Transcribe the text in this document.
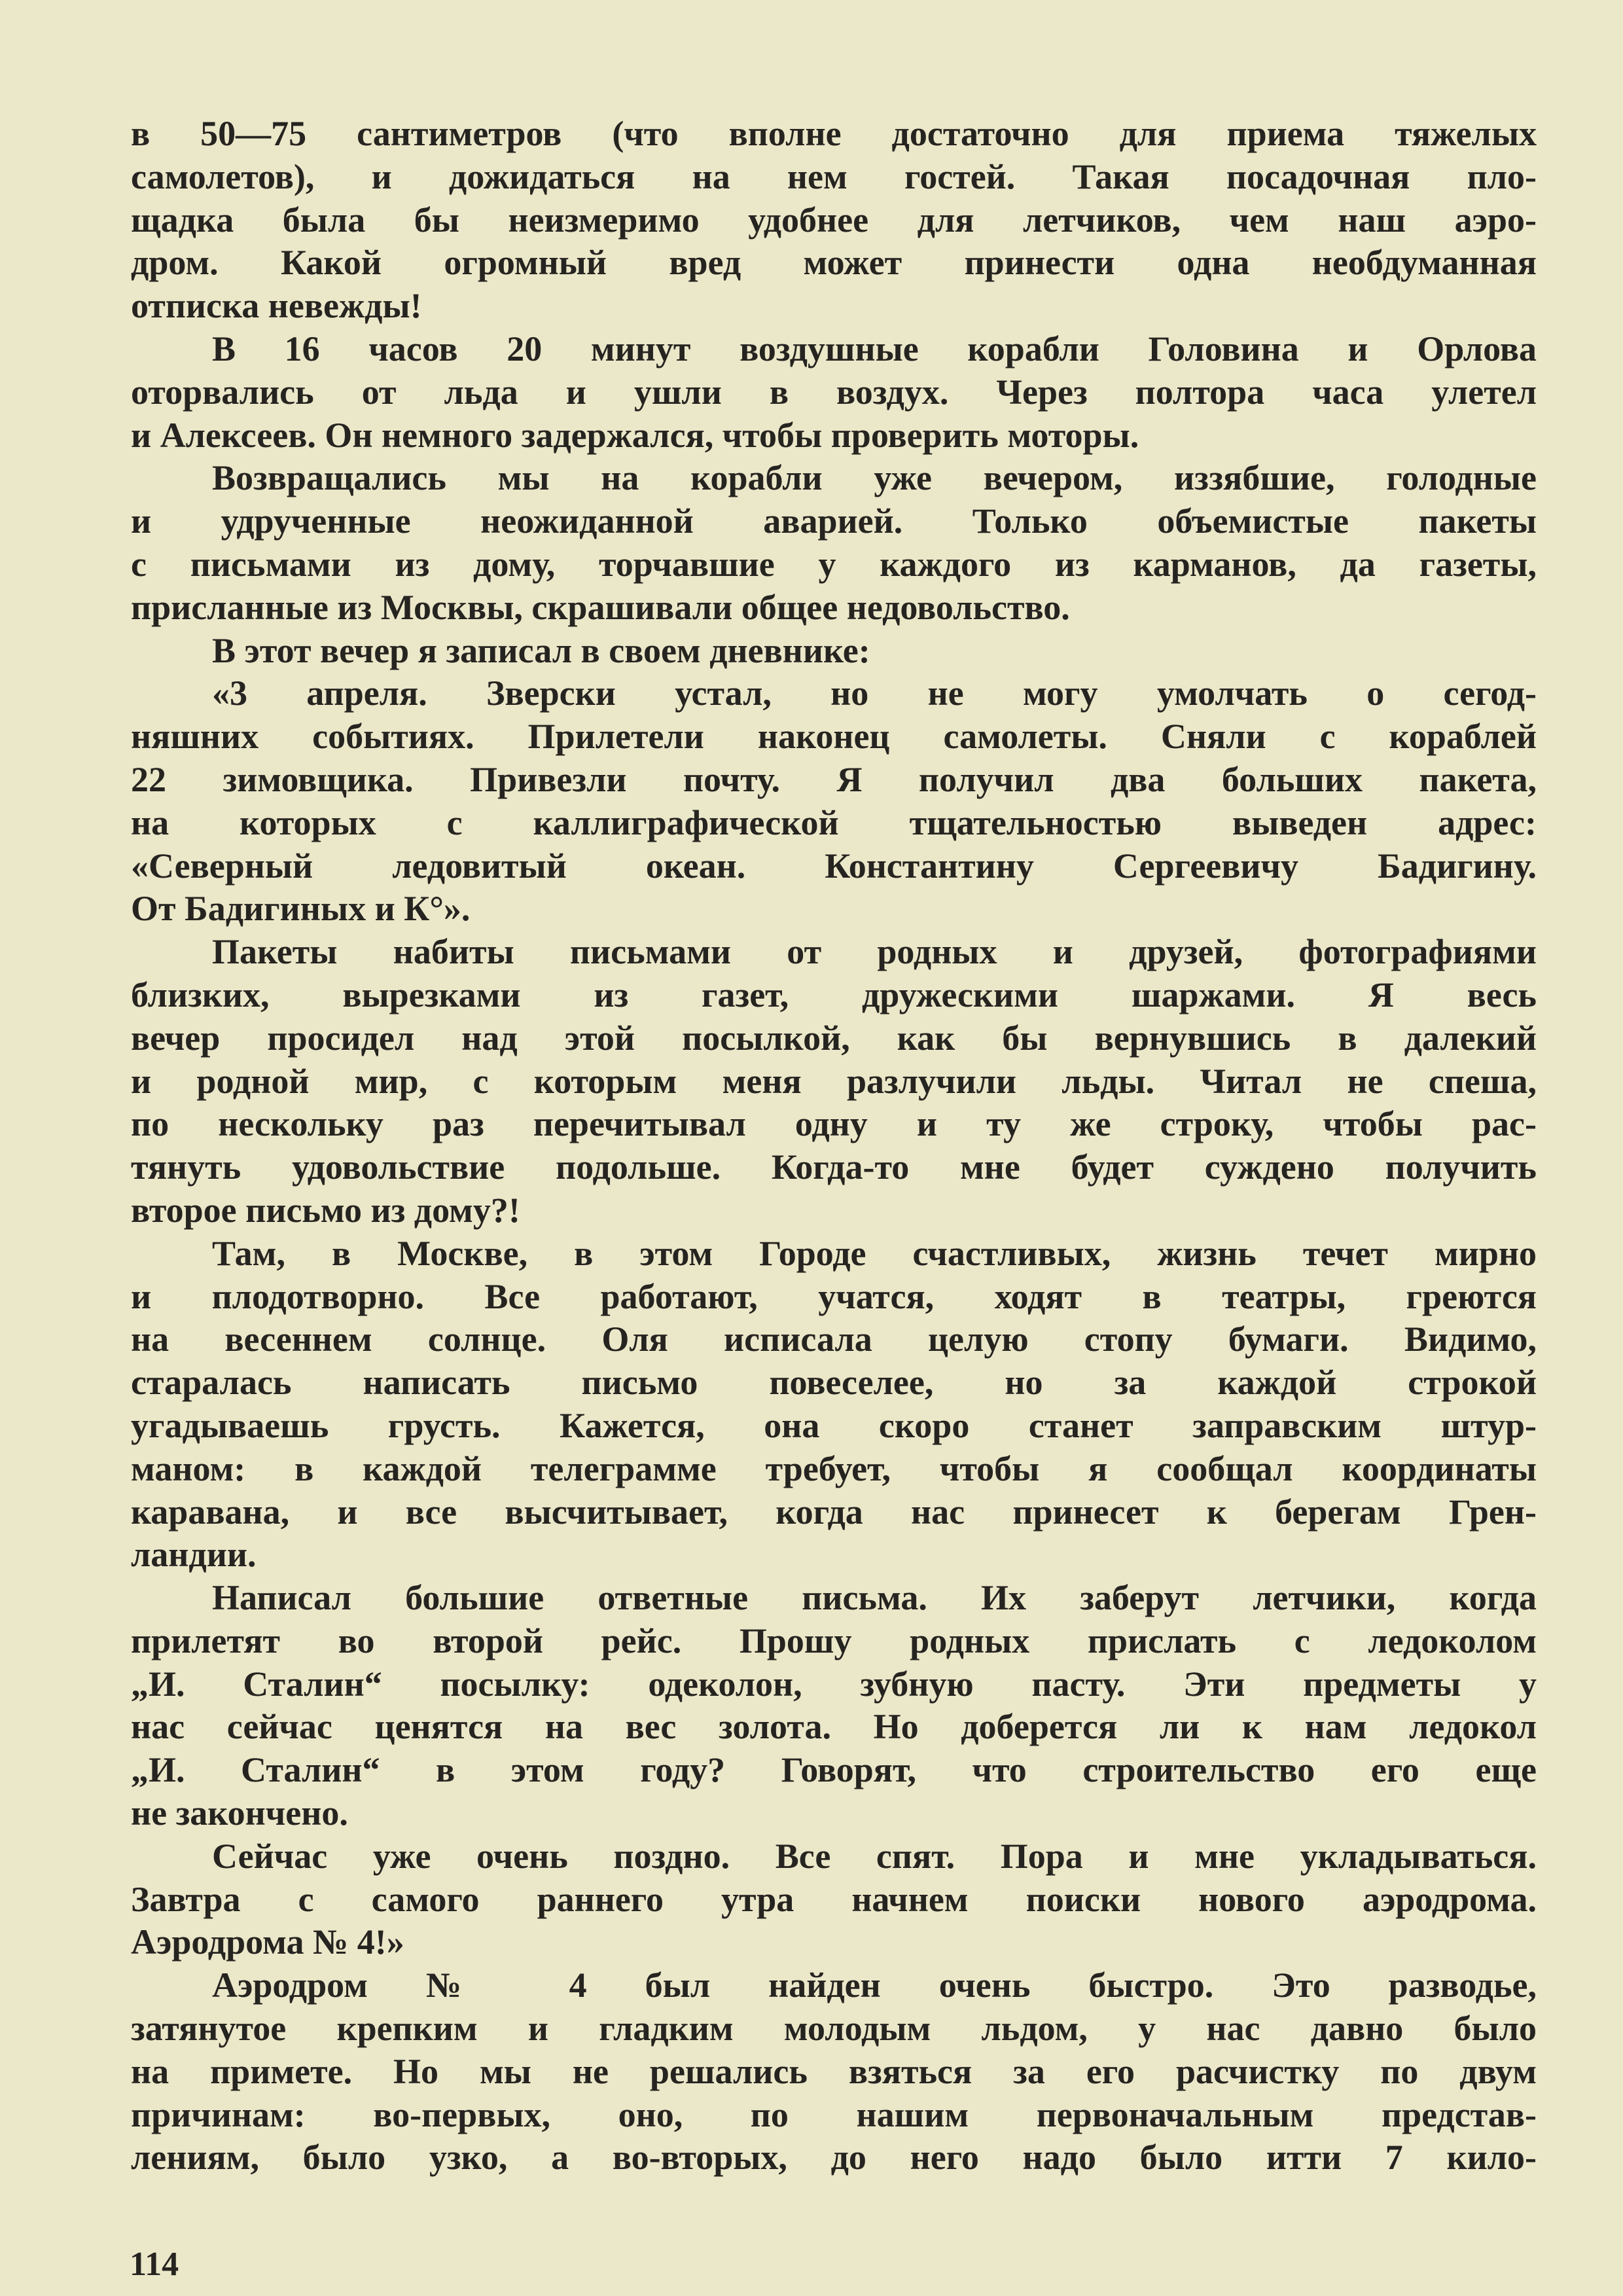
в 50—75 сантиметров (что вполне достаточно для приема тяжелых
самолетов), и дожидаться на нем гостей. Такая посадочная пло-
щадка была бы неизмеримо удобнее для летчиков, чем наш аэро-
дром. Какой огромный вред может принести одна необдуманная
отписка невежды!
В 16 часов 20 минут воздушные корабли Головина и Орлова
оторвались от льда и ушли в воздух. Через полтора часа улетел
и Алексеев. Он немного задержался, чтобы проверить моторы.
Возвращались мы на корабли уже вечером, иззябшие, голодные
и удрученные неожиданной аварией. Только объемистые пакеты
с письмами из дому, торчавшие у каждого из карманов, да газеты,
присланные из Москвы, скрашивали общее недовольство.
В этот вечер я записал в своем дневнике:
«3 апреля. Зверски устал, но не могу умолчать о сегод-
няшних событиях. Прилетели наконец самолеты. Сняли с кораблей
22 зимовщика. Привезли почту. Я получил два больших пакета,
на которых с каллиграфической тщательностью выведен адрес:
«Северный ледовитый океан. Константину Сергеевичу Бадигину.
От Бадигиных и К°».
Пакеты набиты письмами от родных и друзей, фотографиями
близких, вырезками из газет, дружескими шаржами. Я весь
вечер просидел над этой посылкой, как бы вернувшись в далекий
и родной мир, с которым меня разлучили льды. Читал не спеша,
по нескольку раз перечитывал одну и ту же строку, чтобы рас-
тянуть удовольствие подольше. Когда-то мне будет суждено получить
второе письмо из дому?!
Там, в Москве, в этом Городе счастливых, жизнь течет мирно
и плодотворно. Все работают, учатся, ходят в театры, греются
на весеннем солнце. Оля исписала целую стопу бумаги. Видимо,
старалась написать письмо повеселее, но за каждой строкой
угадываешь грусть. Кажется, она скоро станет заправским штур-
маном: в каждой телеграмме требует, чтобы я сообщал координаты
каравана, и все высчитывает, когда нас принесет к берегам Грен-
ландии.
Написал большие ответные письма. Их заберут летчики, когда
прилетят во второй рейс. Прошу родных прислать с ледоколом
„И. Сталин“ посылку: одеколон, зубную пасту. Эти предметы у
нас сейчас ценятся на вес золота. Но доберется ли к нам ледокол
„И. Сталин“ в этом году? Говорят, что строительство его еще
не закончено.
Сейчас уже очень поздно. Все спят. Пора и мне укладываться.
Завтра с самого раннего утра начнем поиски нового аэродрома.
Аэродрома № 4!»
Аэродром № 4 был найден очень быстро. Это разводье,
затянутое крепким и гладким молодым льдом, у нас давно было
на примете. Но мы не решались взяться за его расчистку по двум
причинам: во-первых, оно, по нашим первоначальным представ-
лениям, было узко, а во-вторых, до него надо было итти 7 кило-
114
